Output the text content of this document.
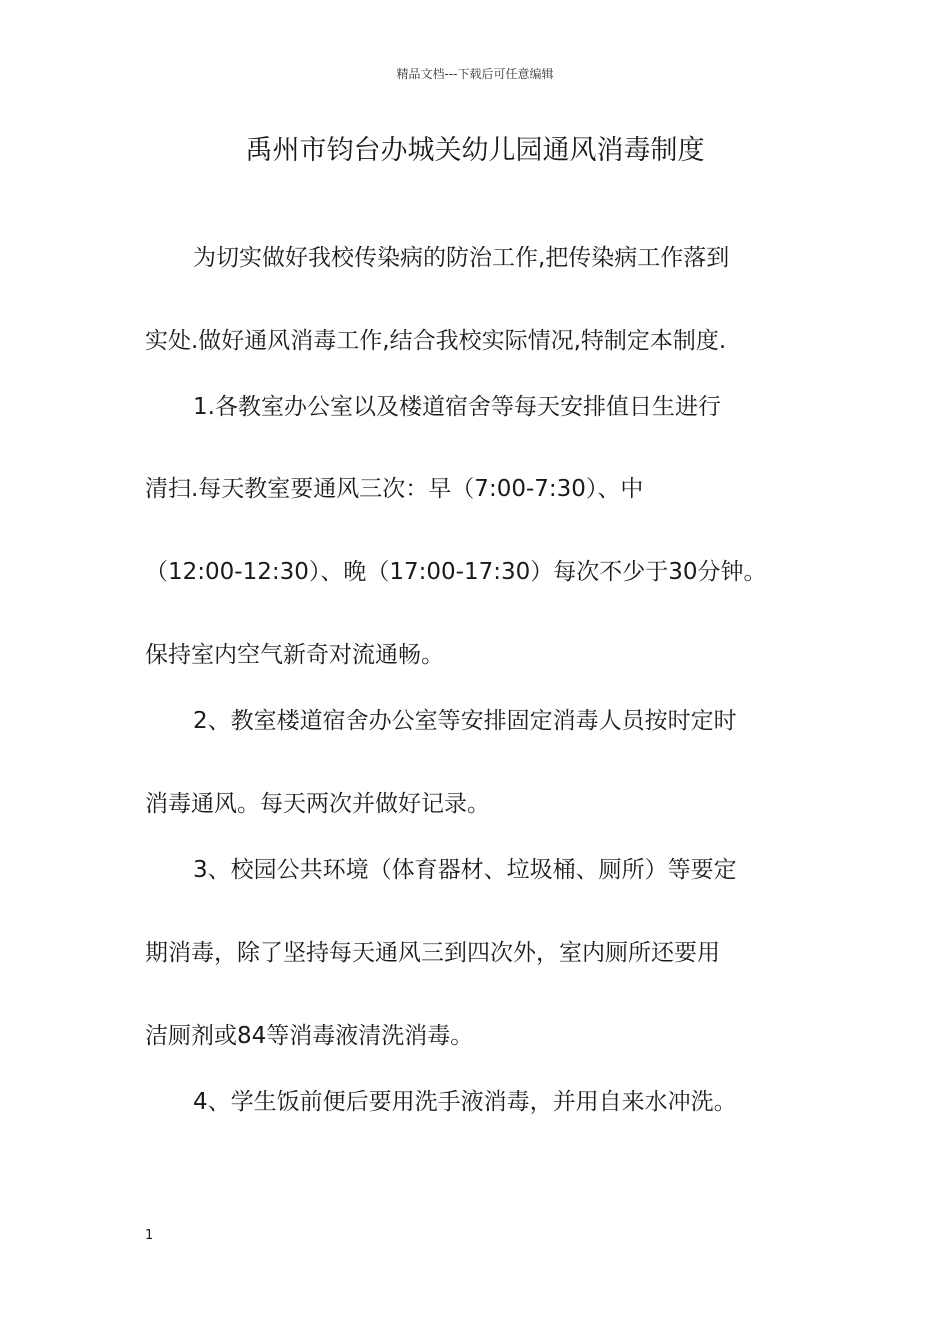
精品文档---下载后可任意编辑
禹州市钧台办城关幼儿园通风消毒制度
为切实做好我校传染病的防治工作,把传染病工作落到
实处.做好通风消毒工作,结合我校实际情况,特制定本制度.
1.各教室办公室以及楼道宿舍等每天安排值日生进行
清扫.每天教室要通风三次：早（7:00-7:30）、中
（12:00-12:30）、晚（17:00-17:30）每次不少于30分钟。
保持室内空气新奇对流通畅。
2、教室楼道宿舍办公室等安排固定消毒人员按时定时
消毒通风。每天两次并做好记录。
3、校园公共环境（体育器材、垃圾桶、厕所）等要定
期消毒，除了坚持每天通风三到四次外，室内厕所还要用
洁厕剂或84等消毒液清洗消毒。
4、学生饭前便后要用洗手液消毒，并用自来水冲洗。
1
